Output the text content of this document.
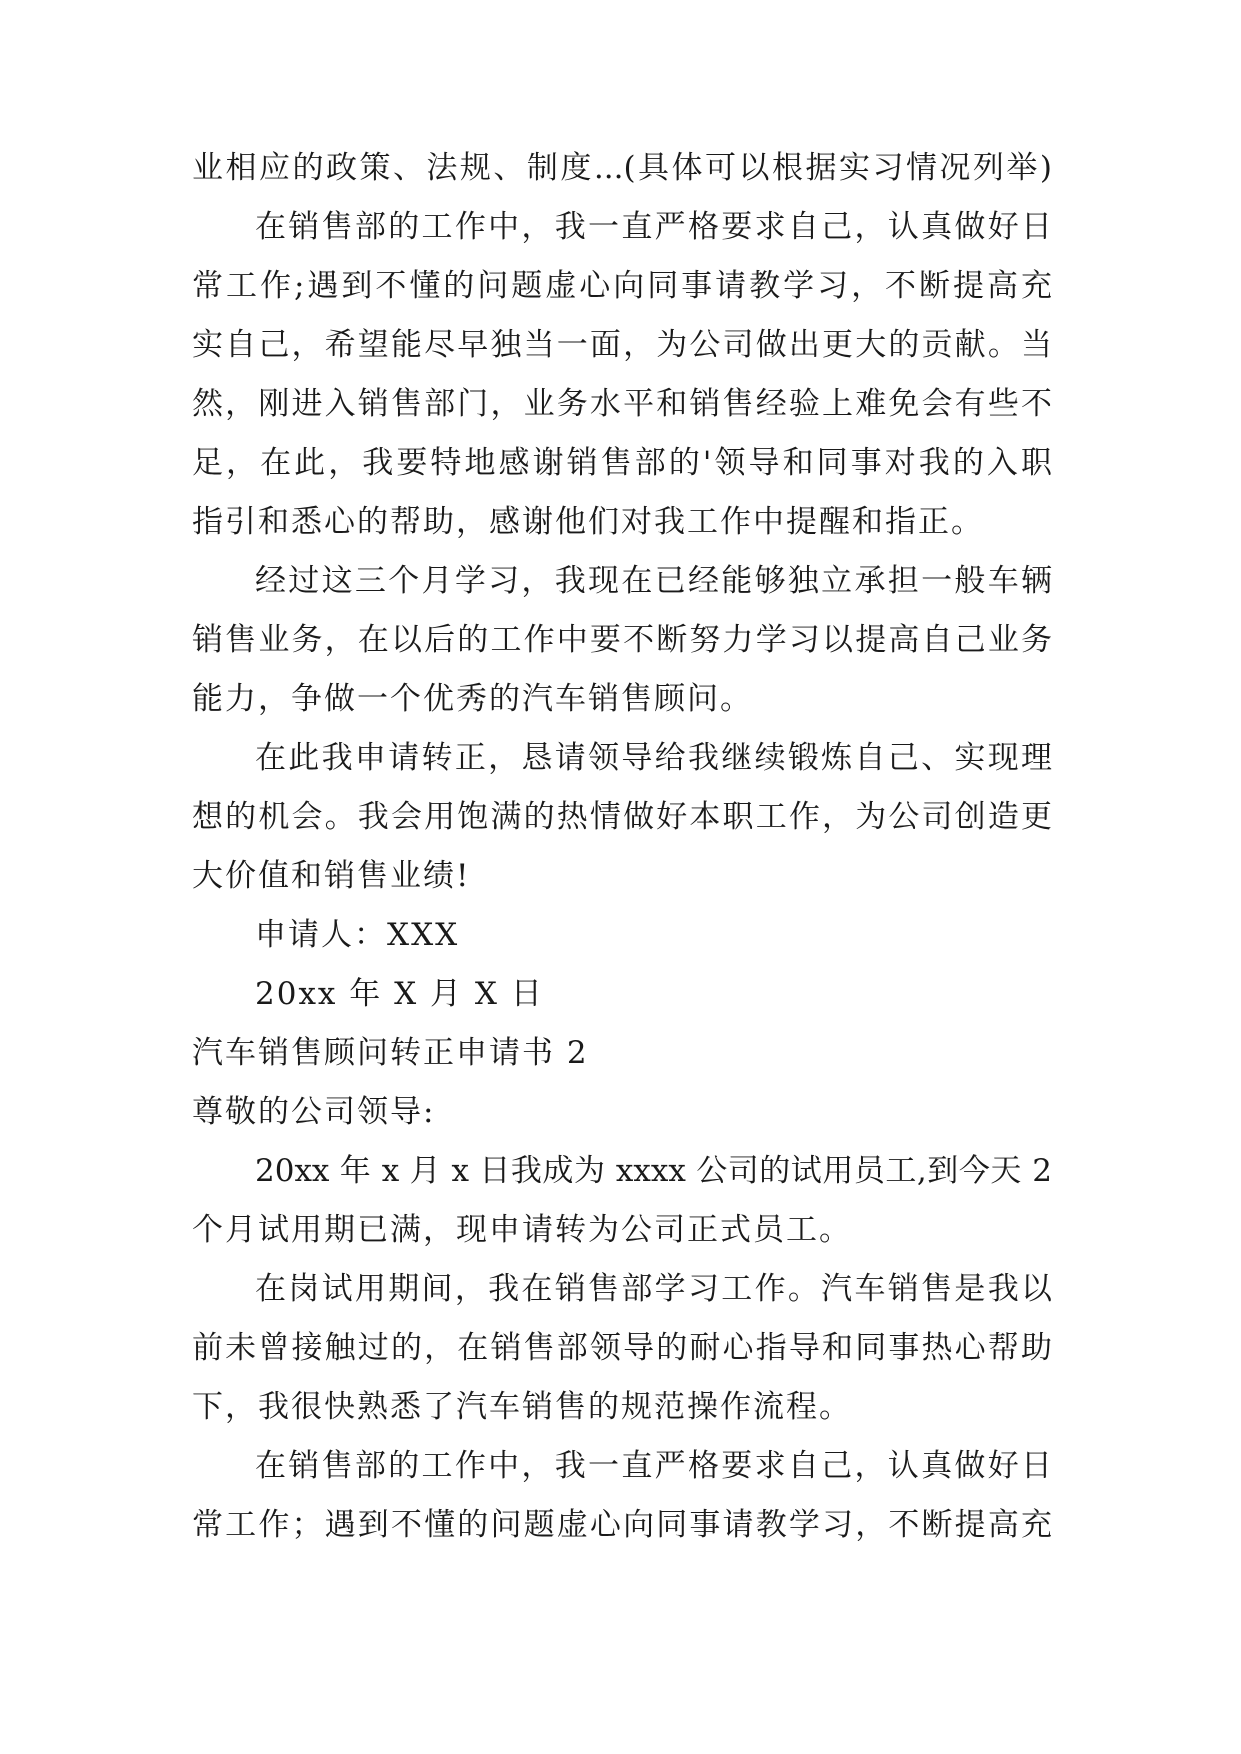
业相应的政策、法规、制度...(具体可以根据实习情况列举)
在销售部的工作中，我一直严格要求自己，认真做好日
常工作;遇到不懂的问题虚心向同事请教学习，不断提高充
实自己，希望能尽早独当一面，为公司做出更大的贡献。当
然，刚进入销售部门，业务水平和销售经验上难免会有些不
足，在此，我要特地感谢销售部的'领导和同事对我的入职
指引和悉心的帮助，感谢他们对我工作中提醒和指正。
经过这三个月学习，我现在已经能够独立承担一般车辆
销售业务，在以后的工作中要不断努力学习以提高自己业务
能力，争做一个优秀的汽车销售顾问。
在此我申请转正，恳请领导给我继续锻炼自己、实现理
想的机会。我会用饱满的热情做好本职工作，为公司创造更
大价值和销售业绩!
申请人：XXX
20xx 年 X 月 X 日
汽车销售顾问转正申请书 2
尊敬的公司领导:
20xx 年 x 月 x 日我成为 xxxx 公司的试用员工,到今天 2
个月试用期已满，现申请转为公司正式员工。
在岗试用期间，我在销售部学习工作。汽车销售是我以
前未曾接触过的，在销售部领导的耐心指导和同事热心帮助
下，我很快熟悉了汽车销售的规范操作流程。
在销售部的工作中，我一直严格要求自己，认真做好日
常工作；遇到不懂的问题虚心向同事请教学习，不断提高充
